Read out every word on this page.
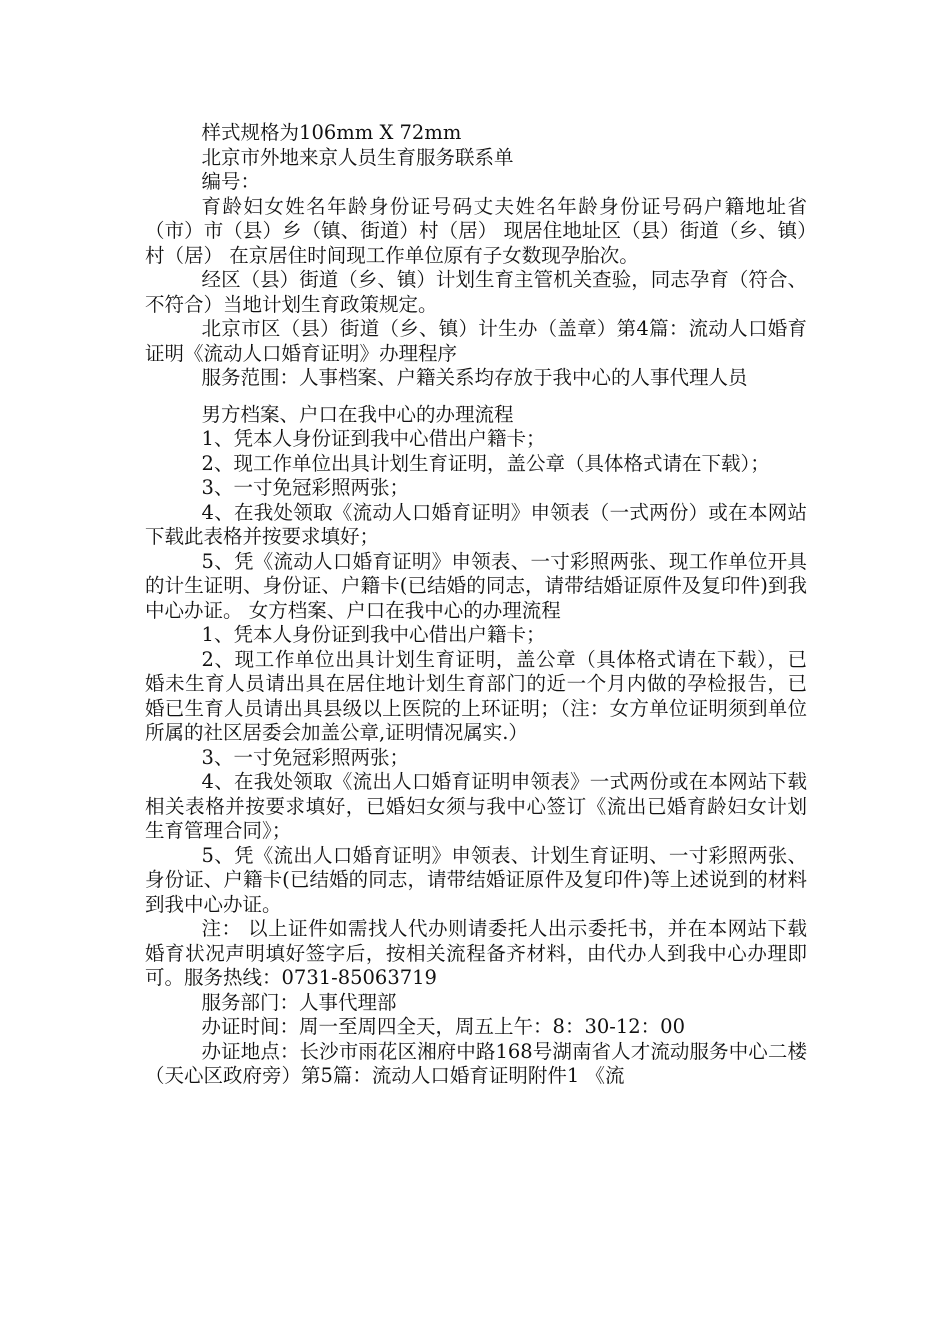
样式规格为106mm X 72mm

北京市外地来京人员生育服务联系单

编号：

育龄妇女姓名年龄身份证号码丈夫姓名年龄身份证号码户籍地址省（市）市（县）乡（镇、街道）村（居） 现居住地址区（县）街道（乡、镇）村（居） 在京居住时间现工作单位原有子女数现孕胎次。

经区（县）街道（乡、镇）计划生育主管机关查验，同志孕育（符合、不符合）当地计划生育政策规定。

北京市区（县）街道（乡、镇）计生办（盖章）第4篇：流动人口婚育证明《流动人口婚育证明》办理程序

服务范围：人事档案、户籍关系均存放于我中心的人事代理人员

男方档案、户口在我中心的办理流程

1、凭本人身份证到我中心借出户籍卡；

2、现工作单位出具计划生育证明，盖公章（具体格式请在下载）；

3、一寸免冠彩照两张；

4、在我处领取《流动人口婚育证明》申领表（一式两份）或在本网站下载此表格并按要求填好；

5、凭《流动人口婚育证明》申领表、一寸彩照两张、现工作单位开具的计生证明、身份证、户籍卡(已结婚的同志，请带结婚证原件及复印件)到我中心办证。 女方档案、户口在我中心的办理流程

1、凭本人身份证到我中心借出户籍卡；

2、现工作单位出具计划生育证明，盖公章（具体格式请在下载），已婚未生育人员请出具在居住地计划生育部门的近一个月内做的孕检报告，已婚已生育人员请出具县级以上医院的上环证明；（注：女方单位证明须到单位所属的社区居委会加盖公章,证明情况属实.）

3、一寸免冠彩照两张；

4、在我处领取《流出人口婚育证明申领表》一式两份或在本网站下载相关表格并按要求填好，已婚妇女须与我中心签订《流出已婚育龄妇女计划生育管理合同》；

5、凭《流出人口婚育证明》申领表、计划生育证明、一寸彩照两张、身份证、户籍卡(已结婚的同志，请带结婚证原件及复印件)等上述说到的材料到我中心办证。

注： 以上证件如需找人代办则请委托人出示委托书，并在本网站下载婚育状况声明填好签字后，按相关流程备齐材料，由代办人到我中心办理即可。服务热线：0731-85063719

服务部门：人事代理部

办证时间：周一至周四全天，周五上午：8：30-12：00

办证地点：长沙市雨花区湘府中路168号湖南省人才流动服务中心二楼（天心区政府旁）第5篇：流动人口婚育证明附件1 《流
